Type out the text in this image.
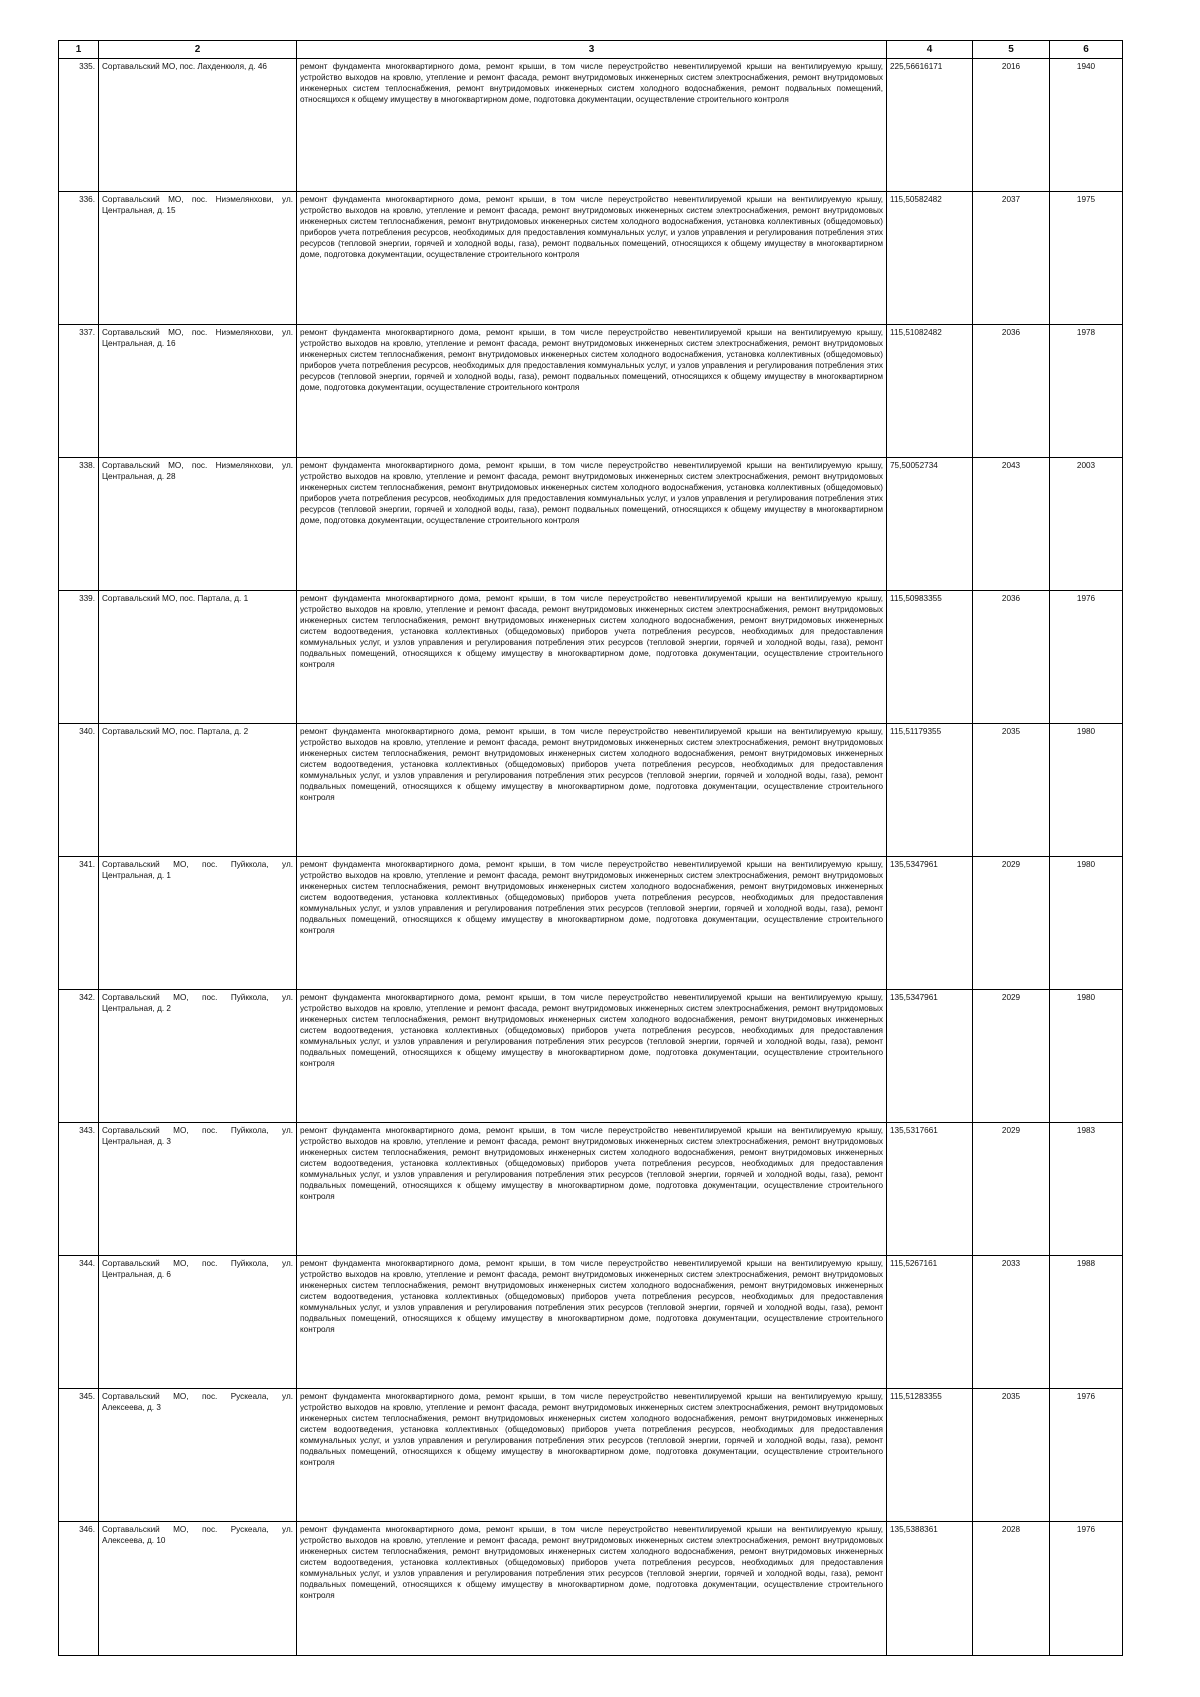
1	2	3	4	5	6
335.	Сортавальский МО, пос. Лахденкюля, д. 46	ремонт фундамента многоквартирного дома, ремонт крыши, в том числе переустройство невентилируемой крыши на вентилируемую крышу, устройство выходов на кровлю, утепление и ремонт фасада, ремонт внутридомовых инженерных систем электроснабжения, ремонт внутридомовых инженерных систем теплоснабжения, ремонт внутридомовых инженерных систем холодного водоснабжения, ремонт подвальных помещений, относящихся к общему имуществу в многоквартирном доме, подготовка документации, осуществление строительного контроля	225,56616171	2016	1940
336.	Сортавальский МО, пос. Ниэмелянхови, ул. Центральная, д. 15	ремонт фундамента многоквартирного дома, ремонт крыши, в том числе переустройство невентилируемой крыши на вентилируемую крышу, устройство выходов на кровлю, утепление и ремонт фасада, ремонт внутридомовых инженерных систем электроснабжения, ремонт внутридомовых инженерных систем теплоснабжения, ремонт внутридомовых инженерных систем холодного водоснабжения, установка коллективных (общедомовых) приборов учета потребления ресурсов, необходимых для предоставления коммунальных услуг, и узлов управления и регулирования потребления этих ресурсов (тепловой энергии, горячей и холодной воды, газа), ремонт подвальных помещений, относящихся к общему имуществу в многоквартирном доме, подготовка документации, осуществление строительного контроля	115,50582482	2037	1975
337.	Сортавальский МО, пос. Ниэмелянхови, ул. Центральная, д. 16	ремонт фундамента многоквартирного дома, ремонт крыши, в том числе переустройство невентилируемой крыши на вентилируемую крышу, устройство выходов на кровлю, утепление и ремонт фасада, ремонт внутридомовых инженерных систем электроснабжения, ремонт внутридомовых инженерных систем теплоснабжения, ремонт внутридомовых инженерных систем холодного водоснабжения, установка коллективных (общедомовых) приборов учета потребления ресурсов, необходимых для предоставления коммунальных услуг, и узлов управления и регулирования потребления этих ресурсов (тепловой энергии, горячей и холодной воды, газа), ремонт подвальных помещений, относящихся к общему имуществу в многоквартирном доме, подготовка документации, осуществление строительного контроля	115,51082482	2036	1978
338.	Сортавальский МО, пос. Ниэмелянхови, ул. Центральная, д. 28	ремонт фундамента многоквартирного дома, ремонт крыши, в том числе переустройство невентилируемой крыши на вентилируемую крышу, устройство выходов на кровлю, утепление и ремонт фасада, ремонт внутридомовых инженерных систем электроснабжения, ремонт внутридомовых инженерных систем теплоснабжения, ремонт внутридомовых инженерных систем холодного водоснабжения, установка коллективных (общедомовых) приборов учета потребления ресурсов, необходимых для предоставления коммунальных услуг, и узлов управления и регулирования потребления этих ресурсов (тепловой энергии, горячей и холодной воды, газа), ремонт подвальных помещений, относящихся к общему имуществу в многоквартирном доме, подготовка документации, осуществление строительного контроля	75,50052734	2043	2003
339.	Сортавальский МО, пос. Партала, д. 1	ремонт фундамента многоквартирного дома, ремонт крыши, в том числе переустройство невентилируемой крыши на вентилируемую крышу, устройство выходов на кровлю, утепление и ремонт фасада, ремонт внутридомовых инженерных систем электроснабжения, ремонт внутридомовых инженерных систем теплоснабжения, ремонт внутридомовых инженерных систем холодного водоснабжения, ремонт внутридомовых инженерных систем водоотведения, установка коллективных (общедомовых) приборов учета потребления ресурсов, необходимых для предоставления коммунальных услуг, и узлов управления и регулирования потребления этих ресурсов (тепловой энергии, горячей и холодной воды, газа), ремонт подвальных помещений, относящихся к общему имуществу в многоквартирном доме, подготовка документации, осуществление строительного контроля	115,50983355	2036	1976
340.	Сортавальский МО, пос. Партала, д. 2	ремонт фундамента многоквартирного дома, ремонт крыши, в том числе переустройство невентилируемой крыши на вентилируемую крышу, устройство выходов на кровлю, утепление и ремонт фасада, ремонт внутридомовых инженерных систем электроснабжения, ремонт внутридомовых инженерных систем теплоснабжения, ремонт внутридомовых инженерных систем холодного водоснабжения, ремонт внутридомовых инженерных систем водоотведения, установка коллективных (общедомовых) приборов учета потребления ресурсов, необходимых для предоставления коммунальных услуг, и узлов управления и регулирования потребления этих ресурсов (тепловой энергии, горячей и холодной воды, газа), ремонт подвальных помещений, относящихся к общему имуществу в многоквартирном доме, подготовка документации, осуществление строительного контроля	115,51179355	2035	1980
341.	Сортавальский МО, пос. Пуйккола, ул. Центральная, д. 1	ремонт фундамента многоквартирного дома, ремонт крыши, в том числе переустройство невентилируемой крыши на вентилируемую крышу, устройство выходов на кровлю, утепление и ремонт фасада, ремонт внутридомовых инженерных систем электроснабжения, ремонт внутридомовых инженерных систем теплоснабжения, ремонт внутридомовых инженерных систем холодного водоснабжения, ремонт внутридомовых инженерных систем водоотведения, установка коллективных (общедомовых) приборов учета потребления ресурсов, необходимых для предоставления коммунальных услуг, и узлов управления и регулирования потребления этих ресурсов (тепловой энергии, горячей и холодной воды, газа), ремонт подвальных помещений, относящихся к общему имуществу в многоквартирном доме, подготовка документации, осуществление строительного контроля	135,5347961	2029	1980
342.	Сортавальский МО, пос. Пуйккола, ул. Центральная, д. 2	ремонт фундамента многоквартирного дома, ремонт крыши, в том числе переустройство невентилируемой крыши на вентилируемую крышу, устройство выходов на кровлю, утепление и ремонт фасада, ремонт внутридомовых инженерных систем электроснабжения, ремонт внутридомовых инженерных систем теплоснабжения, ремонт внутридомовых инженерных систем холодного водоснабжения, ремонт внутридомовых инженерных систем водоотведения, установка коллективных (общедомовых) приборов учета потребления ресурсов, необходимых для предоставления коммунальных услуг, и узлов управления и регулирования потребления этих ресурсов (тепловой энергии, горячей и холодной воды, газа), ремонт подвальных помещений, относящихся к общему имуществу в многоквартирном доме, подготовка документации, осуществление строительного контроля	135,5347961	2029	1980
343.	Сортавальский МО, пос. Пуйккола, ул. Центральная, д. 3	ремонт фундамента многоквартирного дома, ремонт крыши, в том числе переустройство невентилируемой крыши на вентилируемую крышу, устройство выходов на кровлю, утепление и ремонт фасада, ремонт внутридомовых инженерных систем электроснабжения, ремонт внутридомовых инженерных систем теплоснабжения, ремонт внутридомовых инженерных систем холодного водоснабжения, ремонт внутридомовых инженерных систем водоотведения, установка коллективных (общедомовых) приборов учета потребления ресурсов, необходимых для предоставления коммунальных услуг, и узлов управления и регулирования потребления этих ресурсов (тепловой энергии, горячей и холодной воды, газа), ремонт подвальных помещений, относящихся к общему имуществу в многоквартирном доме, подготовка документации, осуществление строительного контроля	135,5317661	2029	1983
344.	Сортавальский МО, пос. Пуйккола, ул. Центральная, д. 6	ремонт фундамента многоквартирного дома, ремонт крыши, в том числе переустройство невентилируемой крыши на вентилируемую крышу, устройство выходов на кровлю, утепление и ремонт фасада, ремонт внутридомовых инженерных систем электроснабжения, ремонт внутридомовых инженерных систем теплоснабжения, ремонт внутридомовых инженерных систем холодного водоснабжения, ремонт внутридомовых инженерных систем водоотведения, установка коллективных (общедомовых) приборов учета потребления ресурсов, необходимых для предоставления коммунальных услуг, и узлов управления и регулирования потребления этих ресурсов (тепловой энергии, горячей и холодной воды, газа), ремонт подвальных помещений, относящихся к общему имуществу в многоквартирном доме, подготовка документации, осуществление строительного контроля	115,5267161	2033	1988
345.	Сортавальский МО, пос. Рускеала, ул. Алексеева, д. 3	ремонт фундамента многоквартирного дома, ремонт крыши, в том числе переустройство невентилируемой крыши на вентилируемую крышу, устройство выходов на кровлю, утепление и ремонт фасада, ремонт внутридомовых инженерных систем электроснабжения, ремонт внутридомовых инженерных систем теплоснабжения, ремонт внутридомовых инженерных систем холодного водоснабжения, ремонт внутридомовых инженерных систем водоотведения, установка коллективных (общедомовых) приборов учета потребления ресурсов, необходимых для предоставления коммунальных услуг, и узлов управления и регулирования потребления этих ресурсов (тепловой энергии, горячей и холодной воды, газа), ремонт подвальных помещений, относящихся к общему имуществу в многоквартирном доме, подготовка документации, осуществление строительного контроля	115,51283355	2035	1976
346.	Сортавальский МО, пос. Рускеала, ул. Алексеева, д. 10	ремонт фундамента многоквартирного дома, ремонт крыши, в том числе переустройство невентилируемой крыши на вентилируемую крышу, устройство выходов на кровлю, утепление и ремонт фасада, ремонт внутридомовых инженерных систем электроснабжения, ремонт внутридомовых инженерных систем теплоснабжения, ремонт внутридомовых инженерных систем холодного водоснабжения, ремонт внутридомовых инженерных систем водоотведения, установка коллективных (общедомовых) приборов учета потребления ресурсов, необходимых для предоставления коммунальных услуг, и узлов управления и регулирования потребления этих ресурсов (тепловой энергии, горячей и холодной воды, газа), ремонт подвальных помещений, относящихся к общему имуществу в многоквартирном доме, подготовка документации, осуществление строительного контроля	135,5388361	2028	1976
